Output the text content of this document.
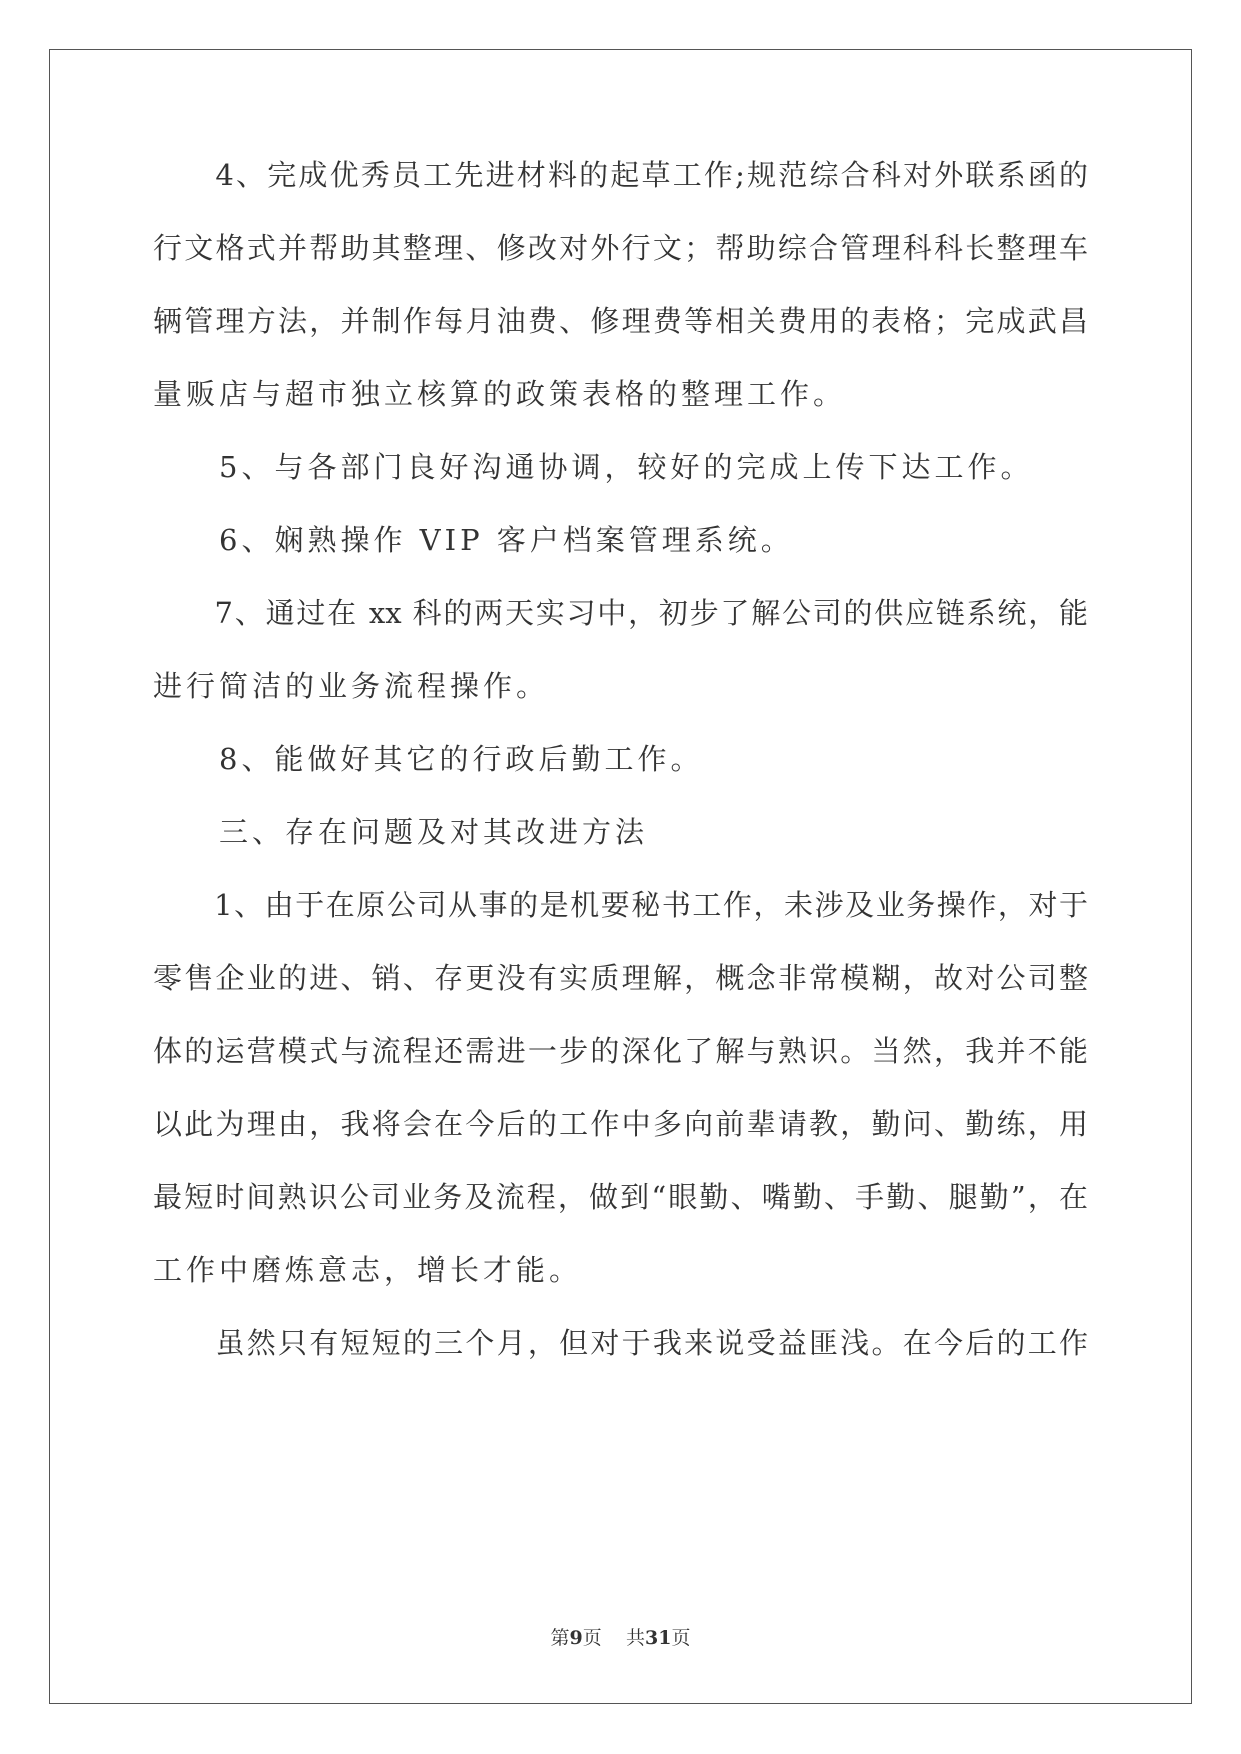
　　4、完成优秀员工先进材料的起草工作;规范综合科对外联系函的
行文格式并帮助其整理、修改对外行文；帮助综合管理科科长整理车
辆管理方法，并制作每月油费、修理费等相关费用的表格；完成武昌
量贩店与超市独立核算的政策表格的整理工作。
　　5、与各部门良好沟通协调，较好的完成上传下达工作。
　　6、娴熟操作 VIP 客户档案管理系统。
　　7、通过在 xx 科的两天实习中，初步了解公司的供应链系统，能
进行简洁的业务流程操作。
　　8、能做好其它的行政后勤工作。
　　三、存在问题及对其改进方法
　　1、由于在原公司从事的是机要秘书工作，未涉及业务操作，对于
零售企业的进、销、存更没有实质理解，概念非常模糊，故对公司整
体的运营模式与流程还需进一步的深化了解与熟识。当然，我并不能
以此为理由，我将会在今后的工作中多向前辈请教，勤问、勤练，用
最短时间熟识公司业务及流程，做到“眼勤、嘴勤、手勤、腿勤”，在
工作中磨炼意志，增长才能。
　　虽然只有短短的三个月，但对于我来说受益匪浅。在今后的工作
第9页 共31页
